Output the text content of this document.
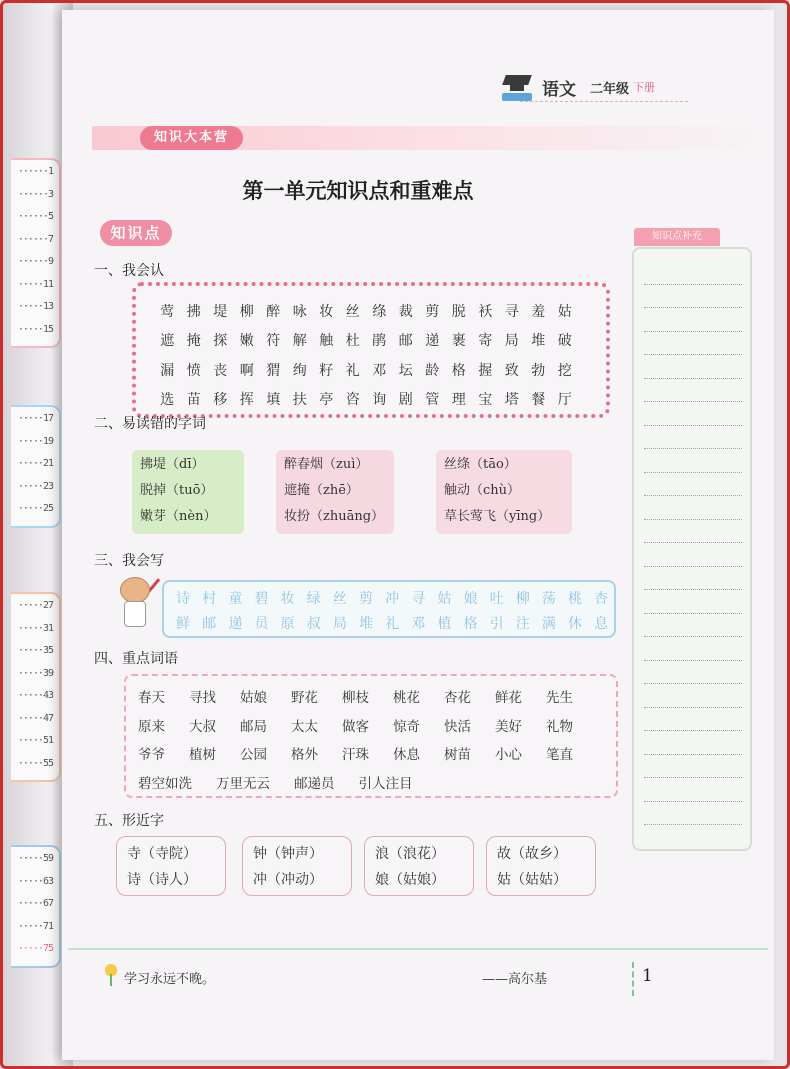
······1
······3
······5
······7
······9
·····11
·····13
·····15
·····17
·····19
·····21
·····23
·····25
·····27
·····31
·····35
·····39
·····43
·····47
·····51
·····55
·····59
·····63
·····67
·····71
·····75
语文 二年级 下册
知识大本营
第一单元知识点和重难点
知识点	知识点补充
一、我会认
莺 拂 堤 柳 醉 咏 妆 丝 绦 裁 剪 脱 袄 寻 羞 姑
遮 掩 探 嫩 符 解 触 杜 鹃 邮 递 裹 寄 局 堆 破
漏 愤 丧 啊 猬 绚 籽 礼 邓 坛 龄 格 握 致 勃 挖
选 苗 移 挥 填 扶 亭 咨 询 剧 管 理 宝 塔 餐 厅
二、易读错的字词
拂堤（dī）
脱掉（tuō）
嫩芽（nèn）
醉春烟（zuì）
遮掩（zhē）
妆扮（zhuāng）
丝绦（tāo）
触动（chù）
草长莺飞（yīng）
三、我会写
诗 村 童 碧 妆 绿 丝 剪 冲 寻 姑 娘 吐 柳 荡 桃 杏
鲜 邮 递 员 原 叔 局 堆 礼 邓 植 格 引 注 满 休 息
四、重点词语
春天	寻找	姑娘	野花	柳枝	桃花	杏花	鲜花	先生
原来	大叔	邮局	太太	做客	惊奇	快活	美好	礼物
爷爷	植树	公园	格外	汗珠	休息	树苗	小心	笔直
碧空如洗 万里无云 邮递员 引人注目
五、形近字
寺（寺院）
诗（诗人）
钟（钟声）
冲（冲动）
浪（浪花）
娘（姑娘）
故（故乡）
姑（姑姑）
学习永远不晚。	——高尔基	1
